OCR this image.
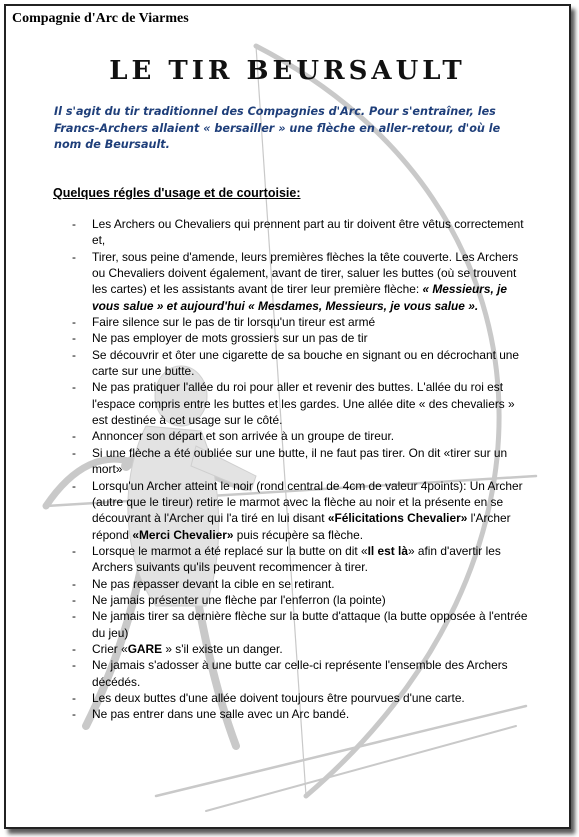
Compagnie d'Arc de Viarmes
LE TIR BEURSAULT
Il s'agit du tir traditionnel des Compagnies d'Arc. Pour s'entraîner, les Francs-Archers allaient « bersailler » une flèche en aller-retour, d'où le nom de Beursault.
Quelques régles d'usage et de courtoisie:
- Les Archers ou Chevaliers qui prennent part au tir doivent être vêtus correctement et,
- Tirer, sous peine d'amende, leurs premières flèches la tête couverte. Les Archers ou Chevaliers doivent également, avant de tirer, saluer les buttes (où se trouvent les cartes) et les assistants avant de tirer leur première flèche: « Messieurs, je vous salue » et aujourd'hui « Mesdames, Messieurs, je vous salue ».
- Faire silence sur le pas de tir lorsqu'un tireur est armé
- Ne pas employer de mots grossiers sur un pas de tir
- Se découvrir et ôter une cigarette de sa bouche en signant ou en décrochant une carte sur une butte.
- Ne pas pratiquer l'allée du roi pour aller et revenir des buttes. L'allée du roi est l'espace compris entre les buttes et les gardes. Une allée dite « des chevaliers » est destinée à cet usage sur le côté.
- Annoncer son départ et son arrivée à un groupe de tireur.
- Si une flèche a été oubliée sur une butte, il ne faut pas tirer. On dit «tirer sur un mort»
- Lorsqu'un Archer atteint le noir (rond central de 4cm de valeur 4points): Un Archer (autre que le tireur) retire le marmot avec la flèche au noir et la présente en se découvrant à l'Archer qui l'a tiré en lui disant «Félicitations Chevalier» l'Archer répond «Merci Chevalier» puis récupère sa flèche.
- Lorsque le marmot a été replacé sur la butte on dit «Il est là» afin d'avertir les Archers suivants qu'ils peuvent recommencer à tirer.
- Ne pas repasser devant la cible en se retirant.
- Ne jamais présenter une flèche par l'enferron (la pointe)
- Ne jamais tirer sa dernière flèche sur la butte d'attaque (la butte opposée à l'entrée du jeu)
- Crier «GARE » s'il existe un danger.
- Ne jamais s'adosser à une butte car celle-ci représente l'ensemble des Archers décédés.
- Les deux buttes d'une allée doivent toujours être pourvues d'une carte.
- Ne pas entrer dans une salle avec un Arc bandé.
